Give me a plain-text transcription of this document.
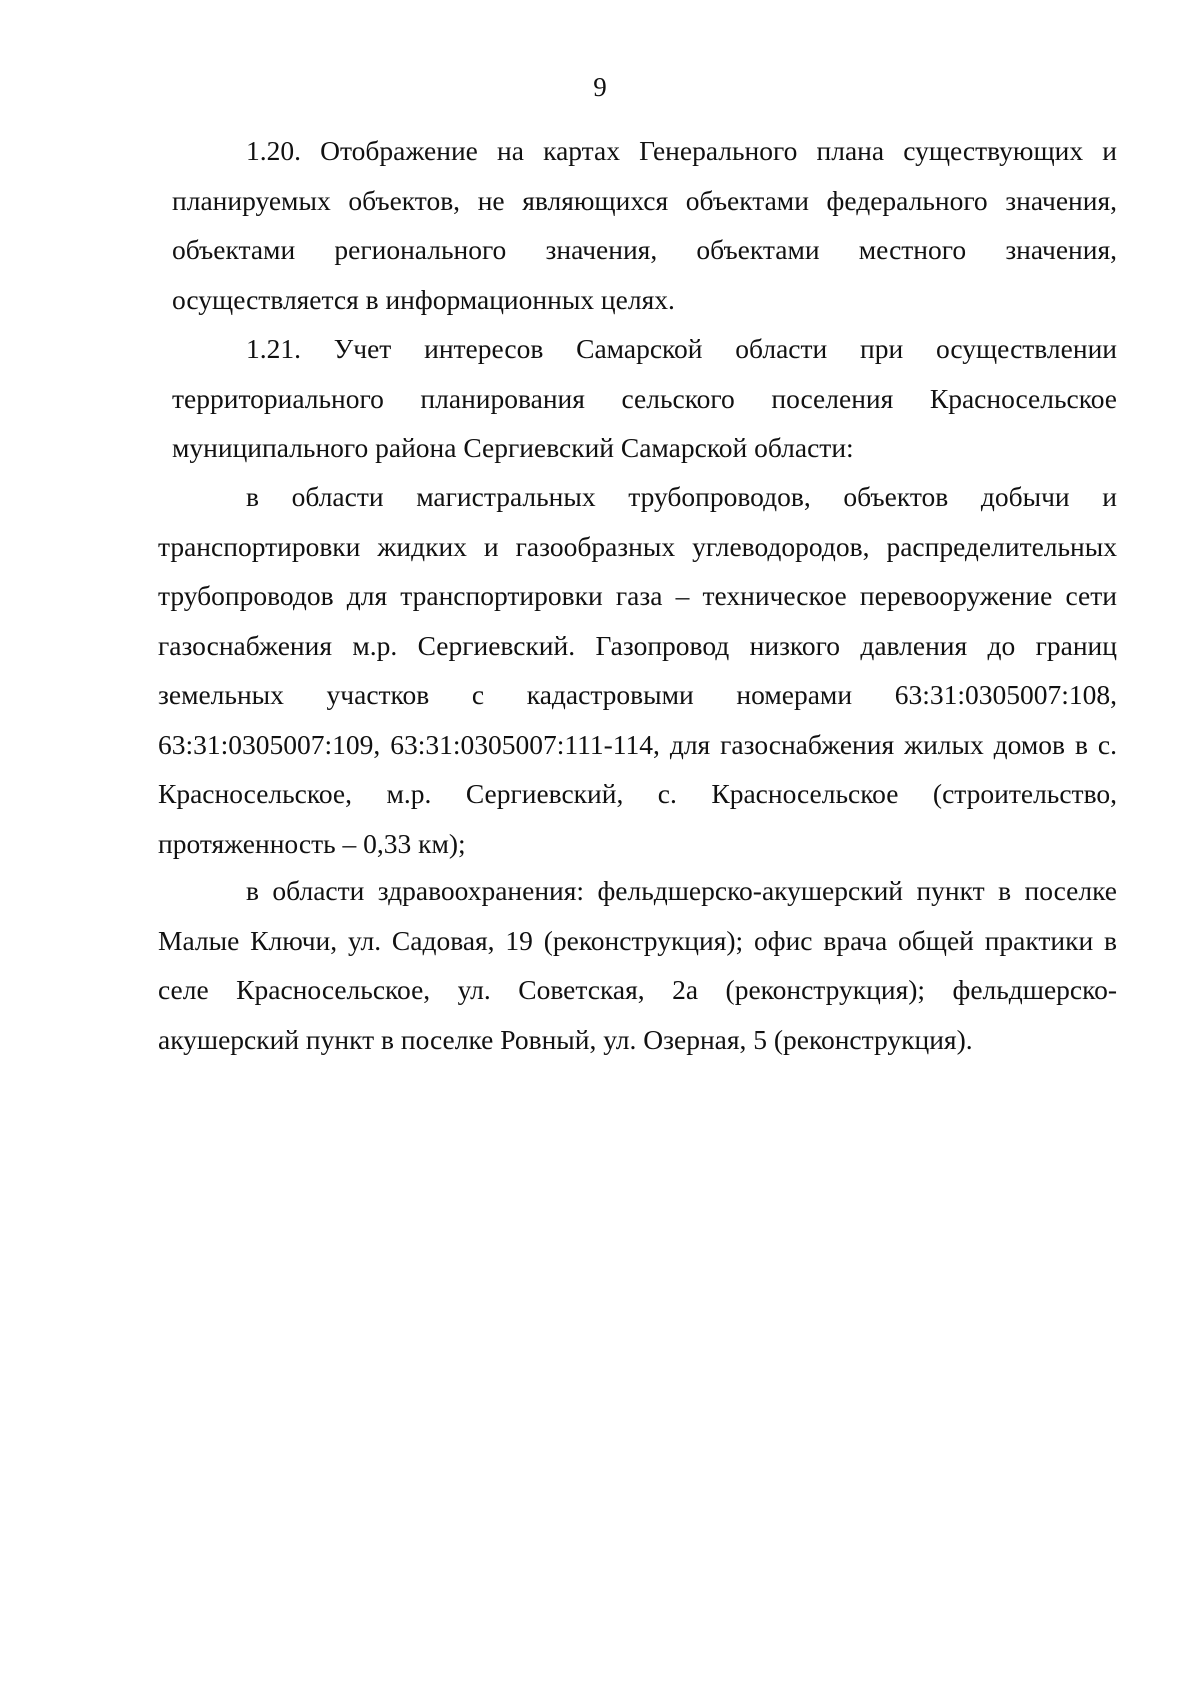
9

1.20. Отображение на картах Генерального плана существующих и планируемых объектов, не являющихся объектами федерального значения, объектами регионального значения, объектами местного значения, осуществляется в информационных целях.

1.21. Учет интересов Самарской области при осуществлении территориального планирования сельского поселения Красносельское муниципального района Сергиевский Самарской области:

в области магистральных трубопроводов, объектов добычи и транспортировки жидких и газообразных углеводородов, распределительных трубопроводов для транспортировки газа – техническое перевооружение сети газоснабжения м.р. Сергиевский. Газопровод низкого давления до границ земельных участков с кадастровыми номерами 63:31:0305007:108, 63:31:0305007:109, 63:31:0305007:111-114, для газоснабжения жилых домов в с. Красносельское, м.р. Сергиевский, с. Красносельское (строительство, протяженность – 0,33 км);

в области здравоохранения: фельдшерско-акушерский пункт в поселке Малые Ключи, ул. Садовая, 19 (реконструкция); офис врача общей практики в селе Красносельское, ул. Советская, 2а (реконструкция); фельдшерско-акушерский пункт в поселке Ровный, ул. Озерная, 5 (реконструкция).
